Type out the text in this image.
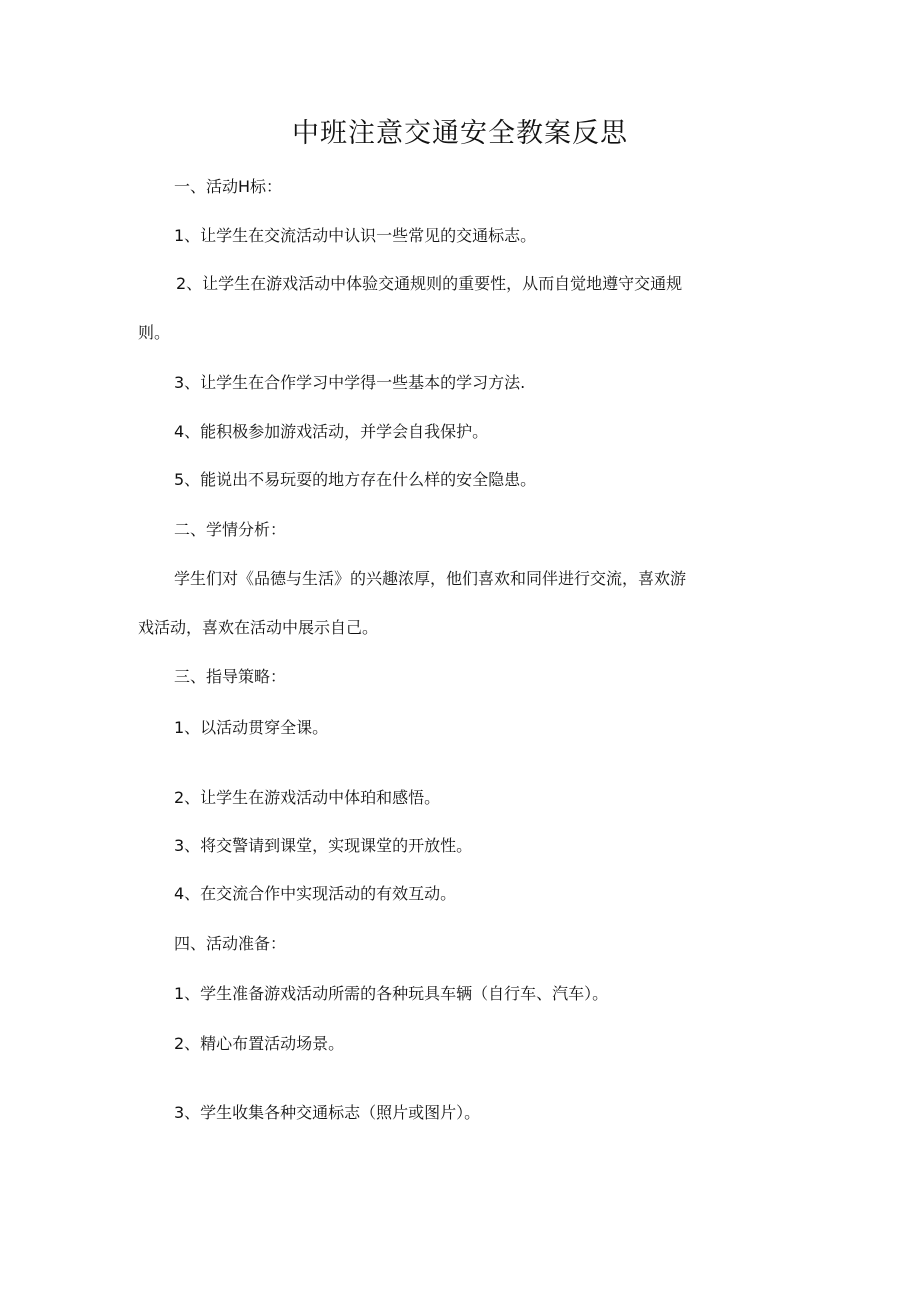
中班注意交通安全教案反思
一、活动H标：
1、让学生在交流活动中认识一些常见的交通标志。
2、让学生在游戏活动中体验交通规则的重要性，从而自觉地遵守交通规
则。
3、让学生在合作学习中学得一些基本的学习方法.
4、能积极参加游戏活动，并学会自我保护。
5、能说出不易玩耍的地方存在什么样的安全隐患。
二、学情分析：
学生们对《品德与生活》的兴趣浓厚，他们喜欢和同伴进行交流，喜欢游
戏活动，喜欢在活动中展示自己。
三、指导策略：
1、以活动贯穿全课。
2、让学生在游戏活动中体珀和感悟。
3、将交警请到课堂，实现课堂的开放性。
4、在交流合作中实现活动的有效互动。
四、活动准备：
1、学生准备游戏活动所需的各种玩具车辆（自行车、汽车）。
2、精心布置活动场景。
3、学生收集各种交通标志（照片或图片）。
